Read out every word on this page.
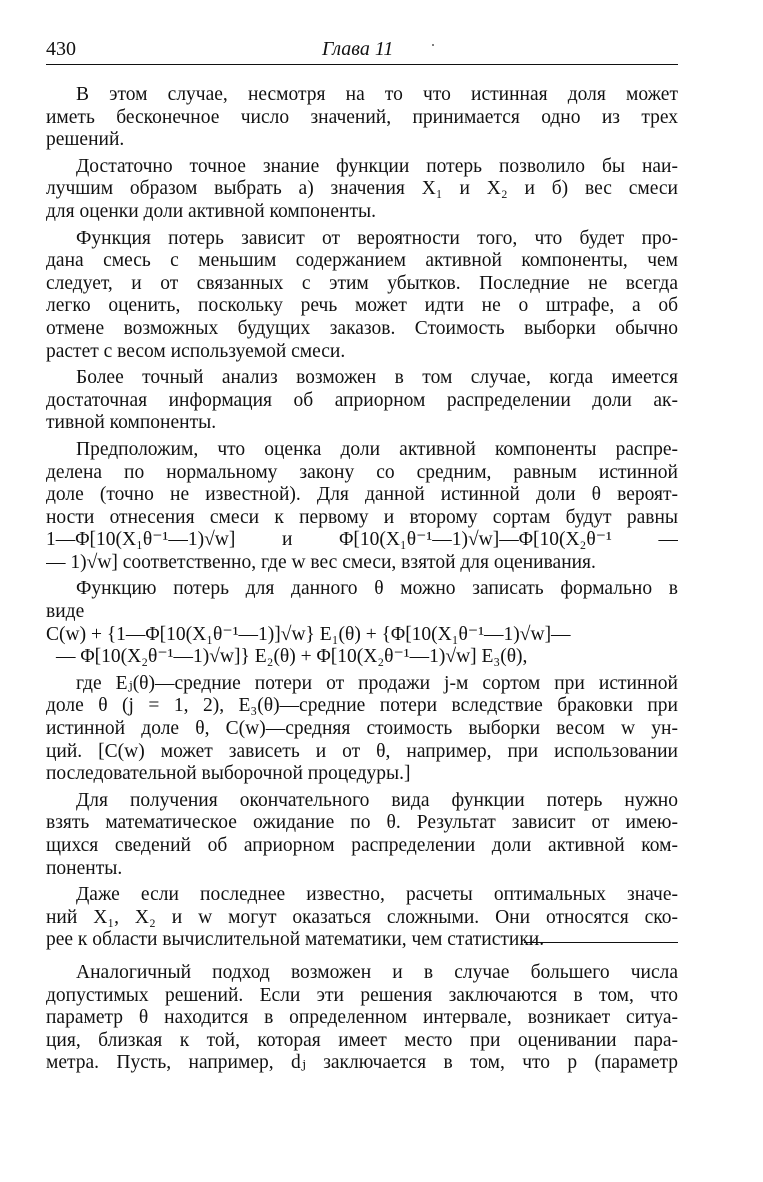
430	Глава 11
В этом случае, несмотря на то что истинная доля может
иметь бесконечное число значений, принимается одно из трех
решений.
Достаточно точное знание функции потерь позволило бы наи-
лучшим образом выбрать а) значения X₁ и X₂ и б) вес смеси
для оценки доли активной компоненты.
Функция потерь зависит от вероятности того, что будет про-
дана смесь с меньшим содержанием активной компоненты, чем
следует, и от связанных с этим убытков. Последние не всегда
легко оценить, поскольку речь может идти не о штрафе, а об
отмене возможных будущих заказов. Стоимость выборки обычно
растет с весом используемой смеси.
Более точный анализ возможен в том случае, когда имеется
достаточная информация об априорном распределении доли ак-
тивной компоненты.
Предположим, что оценка доли активной компоненты распре-
делена по нормальному закону со средним, равным истинной
доле (точно не известной). Для данной истинной доли θ вероят-
ности отнесения смеси к первому и второму сортам будут равны
1—Φ[10(X₁θ⁻¹—1)√w] и Φ[10(X₁θ⁻¹—1)√w]—Φ[10(X₂θ⁻¹ —
— 1)√w] соответственно, где w вес смеси, взятой для оценивания.
Функцию потерь для данного θ можно записать формально в
виде
C(w) + {1—Φ[10(X₁θ⁻¹—1)]√w} E₁(θ) + {Φ[10(X₁θ⁻¹—1)√w]—
— Φ[10(X₂θ⁻¹—1)√w]} E₂(θ) + Φ[10(X₂θ⁻¹—1)√w] E₃(θ),
где Eⱼ(θ)—средние потери от продажи j-м сортом при истинной
доле θ (j = 1, 2), E₃(θ)—средние потери вследствие браковки при
истинной доле θ, C(w)—средняя стоимость выборки весом w ун-
ций. [C(w) может зависеть и от θ, например, при использовании
последовательной выборочной процедуры.]
Для получения окончательного вида функции потерь нужно
взять математическое ожидание по θ. Результат зависит от имею-
щихся сведений об априорном распределении доли активной ком-
поненты.
Даже если последнее известно, расчеты оптимальных значе-
ний X₁, X₂ и w могут оказаться сложными. Они относятся ско-
рее к области вычислительной математики, чем статистики.
Аналогичный подход возможен и в случае большего числа
допустимых решений. Если эти решения заключаются в том, что
параметр θ находится в определенном интервале, возникает ситуа-
ция, близкая к той, которая имеет место при оценивании пара-
метра. Пусть, например, dⱼ заключается в том, что p (параметр
